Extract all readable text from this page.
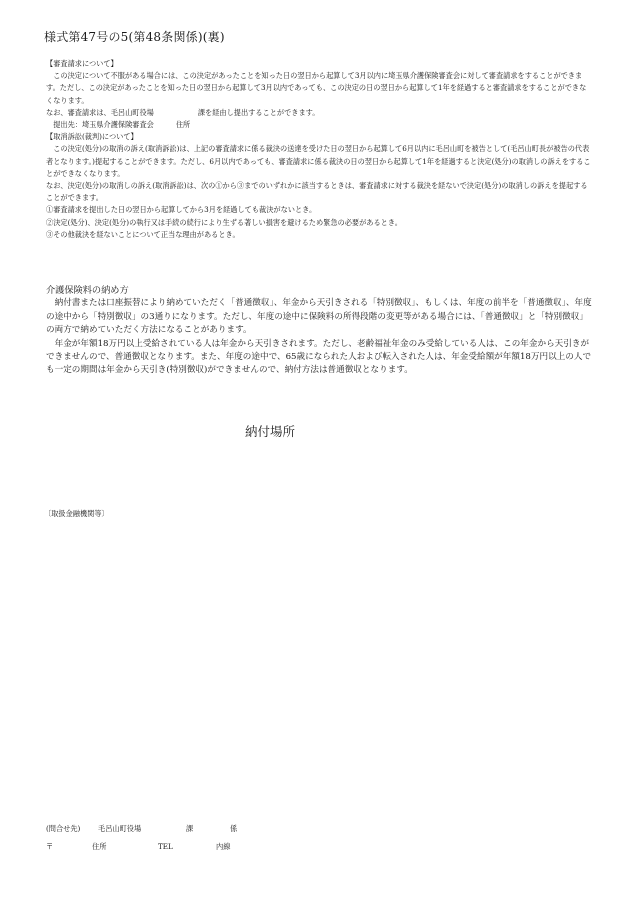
様式第47号の5(第48条関係)(裏)

【審査請求について】

この決定について不服がある場合には、この決定があったことを知った日の翌日から起算して3月以内に埼玉県介護保険審査会に対して審査請求をすることができます。ただし、この決定があったことを知った日の翌日から起算して3月以内であっても、この決定の日の翌日から起算して1年を経過すると審査請求をすることができなくなります。

なお、審査請求は、毛呂山町役場	課を経由し提出することができます。

提出先：埼玉県介護保険審査会	住所

【取消訴訟(裁判)について】

この決定(処分)の取消の訴え(取消訴訟)は、上記の審査請求に係る裁決の送達を受けた日の翌日から起算して6月以内に毛呂山町を被告として(毛呂山町長が被告の代表者となります。)提起することができます。ただし、6月以内であっても、審査請求に係る裁決の日の翌日から起算して1年を経過すると決定(処分)の取消しの訴えをすることができなくなります。

なお、決定(処分)の取消しの訴え(取消訴訟)は、次の①から③までのいずれかに該当するときは、審査請求に対する裁決を経ないで決定(処分)の取消しの訴えを提起することができます。

①審査請求を提出した日の翌日から起算してから3月を経過しても裁決がないとき。

②決定(処分)、決定(処分)の執行又は手続の続行により生ずる著しい損害を避けるため緊急の必要があるとき。

③その他裁決を経ないことについて正当な理由があるとき。

介護保険料の納め方

納付書または口座振替により納めていただく「普通徴収」、年金から天引きされる「特別徴収」、もしくは、年度の前半を「普通徴収」、年度の途中から「特別徴収」の3通りになります。ただし、年度の途中に保険料の所得段階の変更等がある場合には、「普通徴収」と「特別徴収」の両方で納めていただく方法になることがあります。

年金が年額18万円以上受給されている人は年金から天引きされます。ただし、老齢福祉年金のみ受給している人は、この年金から天引きができませんので、普通徴収となります。また、年度の途中で、65歳になられた人および転入された人は、年金受給額が年額18万円以上の人でも一定の期間は年金から天引き(特別徴収)ができませんので、納付方法は普通徴収となります。

納付場所
〔取扱金融機関等〕
(問合せ先) 毛呂山町役場	課	係
〒	住所	TEL	内線
